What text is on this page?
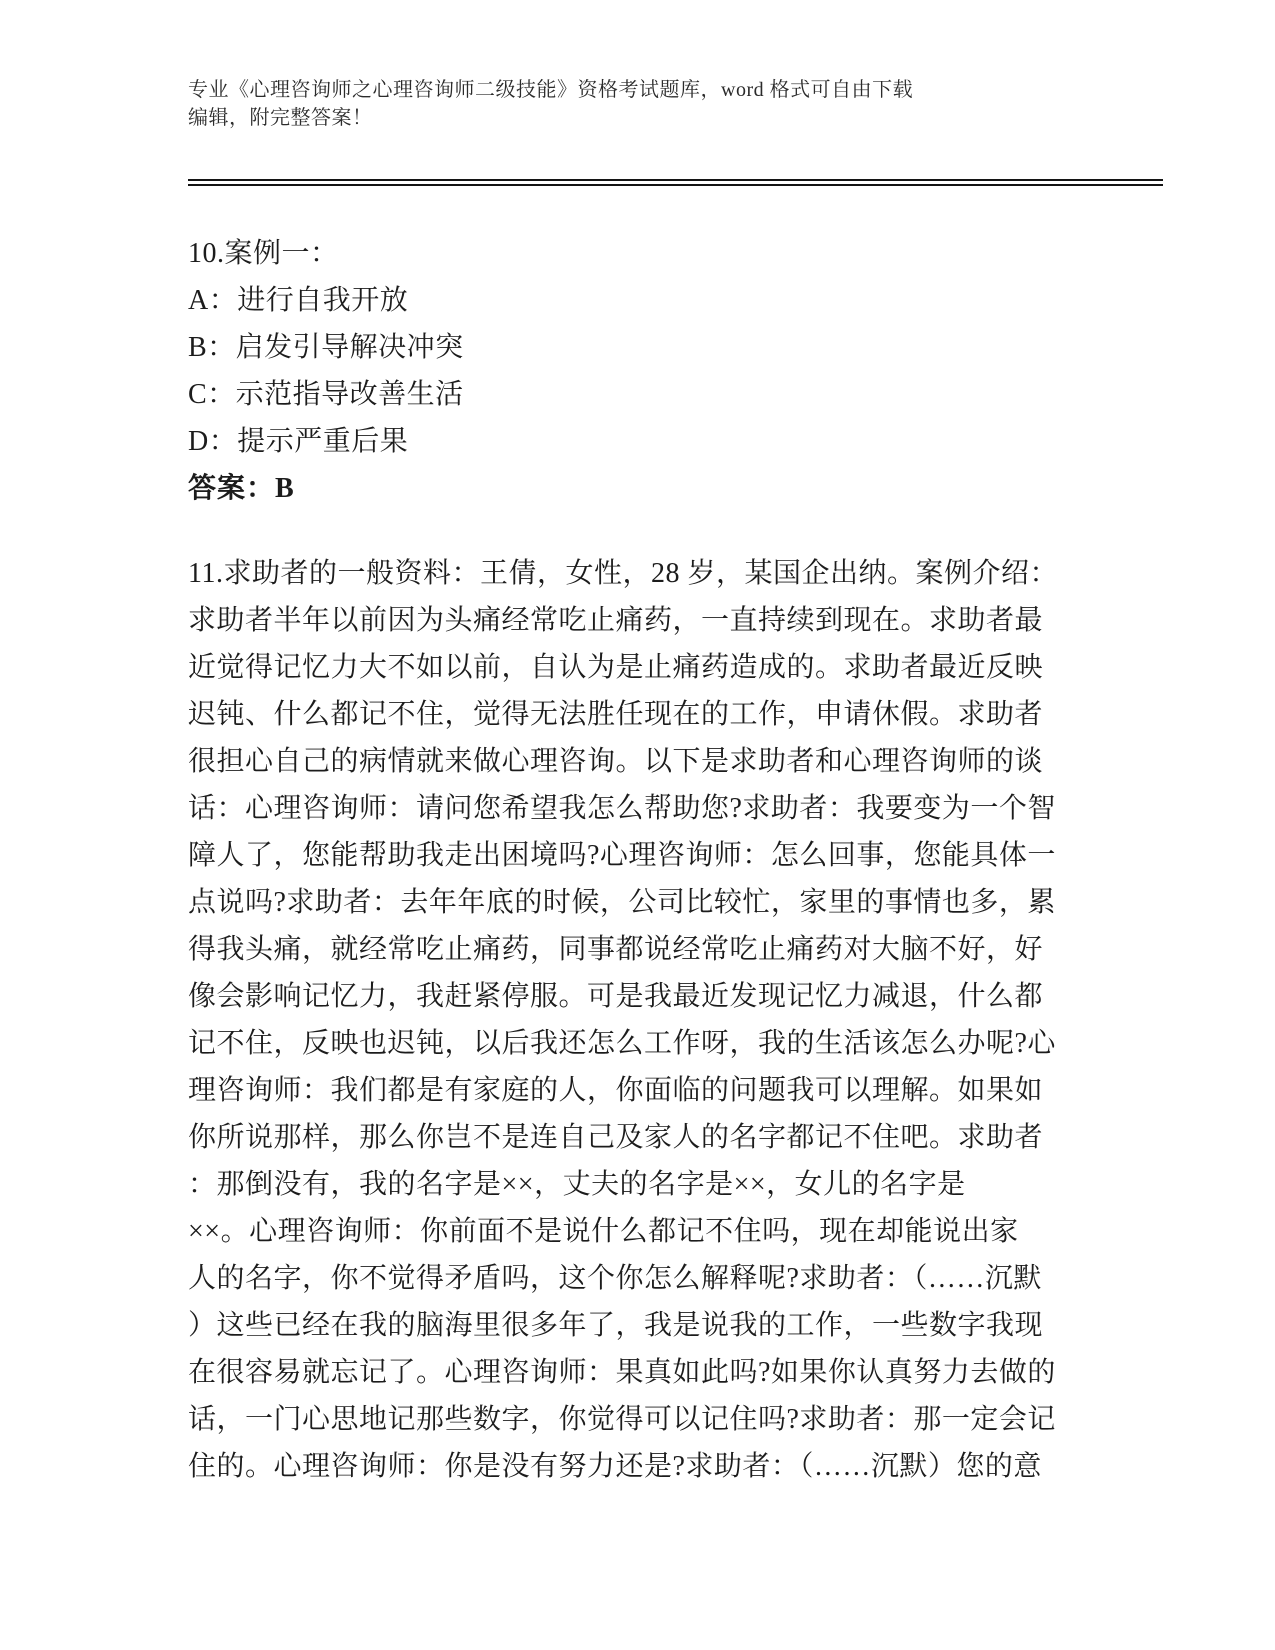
专业《心理咨询师之心理咨询师二级技能》资格考试题库，word 格式可自由下载
编辑，附完整答案！
10.案例一：
A：进行自我开放
B：启发引导解决冲突
C：示范指导改善生活
D：提示严重后果
答案：B
11.求助者的一般资料：王倩，女性，28 岁，某国企出纳。案例介绍：
求助者半年以前因为头痛经常吃止痛药，一直持续到现在。求助者最
近觉得记忆力大不如以前，自认为是止痛药造成的。求助者最近反映
迟钝、什么都记不住，觉得无法胜任现在的工作，申请休假。求助者
很担心自己的病情就来做心理咨询。以下是求助者和心理咨询师的谈
话：心理咨询师：请问您希望我怎么帮助您?求助者：我要变为一个智
障人了，您能帮助我走出困境吗?心理咨询师：怎么回事，您能具体一
点说吗?求助者：去年年底的时候，公司比较忙，家里的事情也多，累
得我头痛，就经常吃止痛药，同事都说经常吃止痛药对大脑不好，好
像会影响记忆力，我赶紧停服。可是我最近发现记忆力减退，什么都
记不住，反映也迟钝，以后我还怎么工作呀，我的生活该怎么办呢?心
理咨询师：我们都是有家庭的人，你面临的问题我可以理解。如果如
你所说那样，那么你岂不是连自己及家人的名字都记不住吧。求助者
：那倒没有，我的名字是××，丈夫的名字是××，女儿的名字是
××。心理咨询师：你前面不是说什么都记不住吗，现在却能说出家
人的名字，你不觉得矛盾吗，这个你怎么解释呢?求助者：（……沉默
）这些已经在我的脑海里很多年了，我是说我的工作，一些数字我现
在很容易就忘记了。心理咨询师：果真如此吗?如果你认真努力去做的
话，一门心思地记那些数字，你觉得可以记住吗?求助者：那一定会记
住的。心理咨询师：你是没有努力还是?求助者：（……沉默）您的意
